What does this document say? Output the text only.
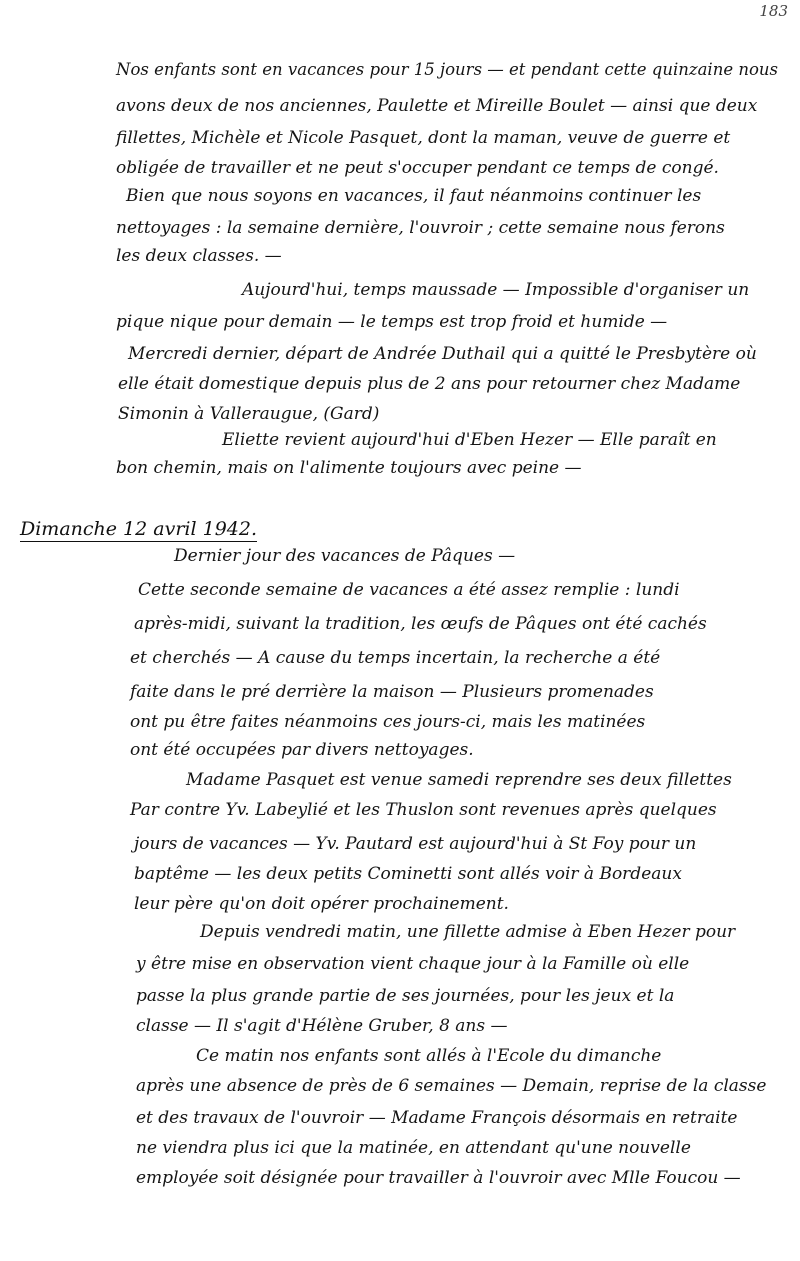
183
Nos enfants sont en vacances pour 15 jours — et pendant cette quinzaine nous
avons deux de nos anciennes, Paulette et Mireille Boulet — ainsi que deux
fillettes, Michèle et Nicole Pasquet, dont la maman, veuve de guerre et
obligée de travailler et ne peut s'occuper pendant ce temps de congé.
Bien que nous soyons en vacances, il faut néanmoins continuer les
nettoyages : la semaine dernière, l'ouvroir ; cette semaine nous ferons
les deux classes. —
Aujourd'hui, temps maussade — Impossible d'organiser un
pique nique pour demain — le temps est trop froid et humide —
Mercredi dernier, départ de Andrée Duthail qui a quitté le Presbytère où
elle était domestique depuis plus de 2 ans pour retourner chez Madame
Simonin à Valleraugue, (Gard)
Eliette revient aujourd'hui d'Eben Hezer — Elle paraît en
bon chemin, mais on l'alimente toujours avec peine —
Dimanche 12 avril 1942.
Dernier jour des vacances de Pâques —
Cette seconde semaine de vacances a été assez remplie : lundi
après-midi, suivant la tradition, les œufs de Pâques ont été cachés
et cherchés — A cause du temps incertain, la recherche a été
faite dans le pré derrière la maison — Plusieurs promenades
ont pu être faites néanmoins ces jours-ci, mais les matinées
ont été occupées par divers nettoyages.
Madame Pasquet est venue samedi reprendre ses deux fillettes
Par contre Yv. Labeylié et les Thuslon sont revenues après quelques
jours de vacances — Yv. Pautard est aujourd'hui à St Foy pour un
baptême — les deux petits Cominetti sont allés voir à Bordeaux
leur père qu'on doit opérer prochainement.
Depuis vendredi matin, une fillette admise à Eben Hezer pour
y être mise en observation vient chaque jour à la Famille où elle
passe la plus grande partie de ses journées, pour les jeux et la
classe — Il s'agit d'Hélène Gruber, 8 ans —
Ce matin nos enfants sont allés à l'Ecole du dimanche
après une absence de près de 6 semaines — Demain, reprise de la classe
et des travaux de l'ouvroir — Madame François désormais en retraite
ne viendra plus ici que la matinée, en attendant qu'une nouvelle
employée soit désignée pour travailler à l'ouvroir avec Mlle Foucou —
